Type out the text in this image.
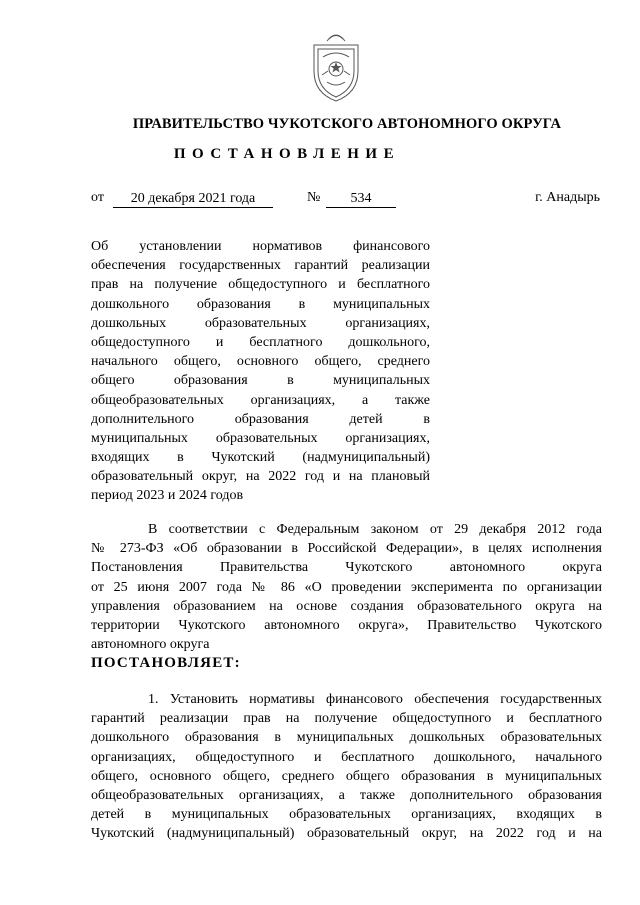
ПРАВИТЕЛЬСТВО ЧУКОТСКОГО АВТОНОМНОГО ОКРУГА
ПОСТАНОВЛЕНИЕ
от	20 декабря 2021 года	№	534	г. Анадырь
Об установлении нормативов финансового
обеспечения государственных гарантий реализации
прав на получение общедоступного и бесплатного
дошкольного образования в муниципальных
дошкольных образовательных организациях,
общедоступного и бесплатного дошкольного,
начального общего, основного общего, среднего
общего образования в муниципальных
общеобразовательных организациях, а также
дополнительного образования детей в
муниципальных образовательных организациях,
входящих в Чукотский (надмуниципальный)
образовательный округ, на 2022 год и на плановый
период 2023 и 2024 годов
В соответствии с Федеральным законом от 29 декабря 2012 года
№ 273-ФЗ «Об образовании в Российской Федерации», в целях исполнения
Постановления Правительства Чукотского автономного округа
от 25 июня 2007 года № 86 «О проведении эксперимента по организации
управления образованием на основе создания образовательного округа на
территории Чукотского автономного округа», Правительство Чукотского
автономного округа
ПОСТАНОВЛЯЕТ:
1. Установить нормативы финансового обеспечения государственных
гарантий реализации прав на получение общедоступного и бесплатного
дошкольного образования в муниципальных дошкольных образовательных
организациях, общедоступного и бесплатного дошкольного, начального
общего, основного общего, среднего общего образования в муниципальных
общеобразовательных организациях, а также дополнительного образования
детей в муниципальных образовательных организациях, входящих в
Чукотский (надмуниципальный) образовательный округ, на 2022 год и на
